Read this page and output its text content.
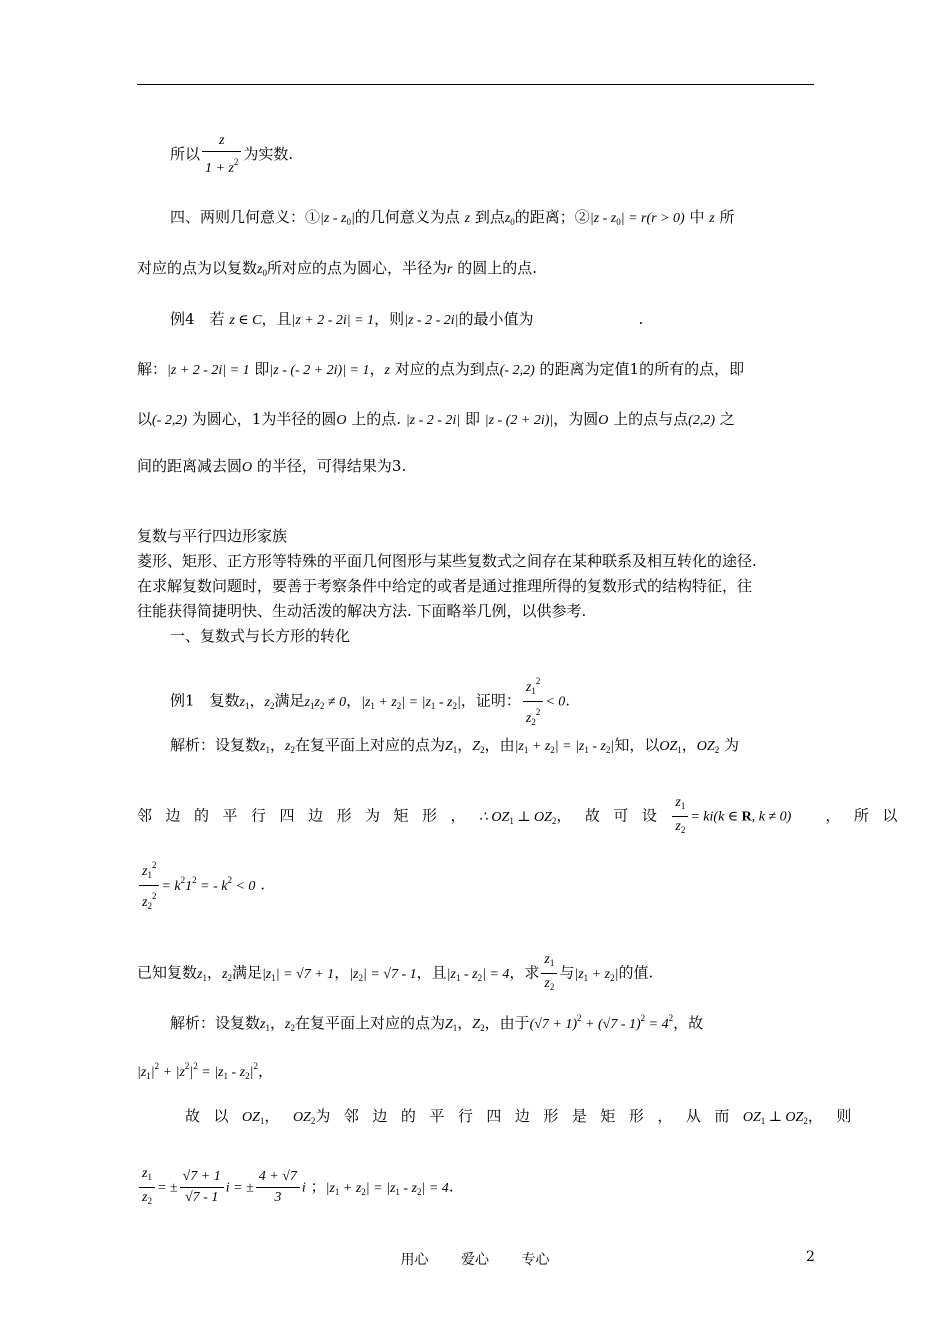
所以 $\frac{z}{1 + z^2}$ 为实数.
四、两则几何意义：①|z - $z_0|$的几何意义为点 z 到点$z_0$的距离；②|z - $z_0| = r(r > 0)$ 中 z 所
对应的点为以复数$z_0$所对应的点为圆心，半径为r 的圆上的点.
例4　若 z ∈ C，且|z + 2 - 2i| = 1，则|z - 2 - 2i|的最小值为　　　　　　　.
解：|z + 2 - 2i| = 1 即|z - (- 2 + 2i)| = 1，z 对应的点为到点(- 2,2) 的距离为定值1的所有的点，即
以(- 2,2) 为圆心，1为半径的圆O 上的点. |z - 2 - 2i| 即 |z - (2 + 2i)|，为圆O 上的点与点(2,2) 之
间的距离减去圆O 的半径，可得结果为3.
复数与平行四边形家族
菱形、矩形、正方形等特殊的平面几何图形与某些复数式之间存在某种联系及相互转化的途径.
在求解复数问题时，要善于考察条件中给定的或者是通过推理所得的复数形式的结构特征，往
往能获得简捷明快、生动活泼的解决方法. 下面略举几例，以供参考.
一、复数式与长方形的转化
例1　复数$z_1$，$z_2$满足$z_1z_2 \ne 0$，$|z_1 + z_2| = |z_1 - z_2|$，证明： $\frac{z_1^2}{z_2^2} < 0$.
解析：设复数$z_1$，$z_2$在复平面上对应的点为$Z_1$，$Z_2$，由$|z_1 + z_2| = |z_1 - z_2|$知，以$OZ_1$，$OZ_2$ 为
邻边的平行四边形为矩形，∴ $OZ_1$ ⊥ $OZ_2$，故可设 $\frac{z_1}{z_2} = ki(k$ ∈ R, k ≠ 0) ，所以
$\frac{z_1^2}{z_2^2} = k^21^2$ = - $k^2 < 0$ .
已知复数$z_1$，$z_2$满足$|z_1| = √7 + 1$，$|z_2| = √7 - 1$，且$|z_1 - z_2| = 4$，求 $\frac{z_1}{z_2}$ 与$|z_1 + z_2|$的值.
解析：设复数$z_1$，$z_2$在复平面上对应的点为$Z_1$，$Z_2$，由于$(√7 + 1)^2 + (√7 - 1)^2 = 4^2$，故
$|z_1|^2 + |z^2|^2 = |z_1 - z_2|^2$，
故以$OZ_1$，$OZ_2$为邻边的平行四边形是矩形，从而$OZ_1$ ⊥ $OZ_2$，则
$\frac{z_1}{z_2}$ = ± $\frac{√7 + 1}{√7 - 1}$ i = ± $\frac{4 + √7}{3}$ i ；$|z_1 + z_2| = |z_1 - z_2| = 4$.
用心 爱心 专心	2
